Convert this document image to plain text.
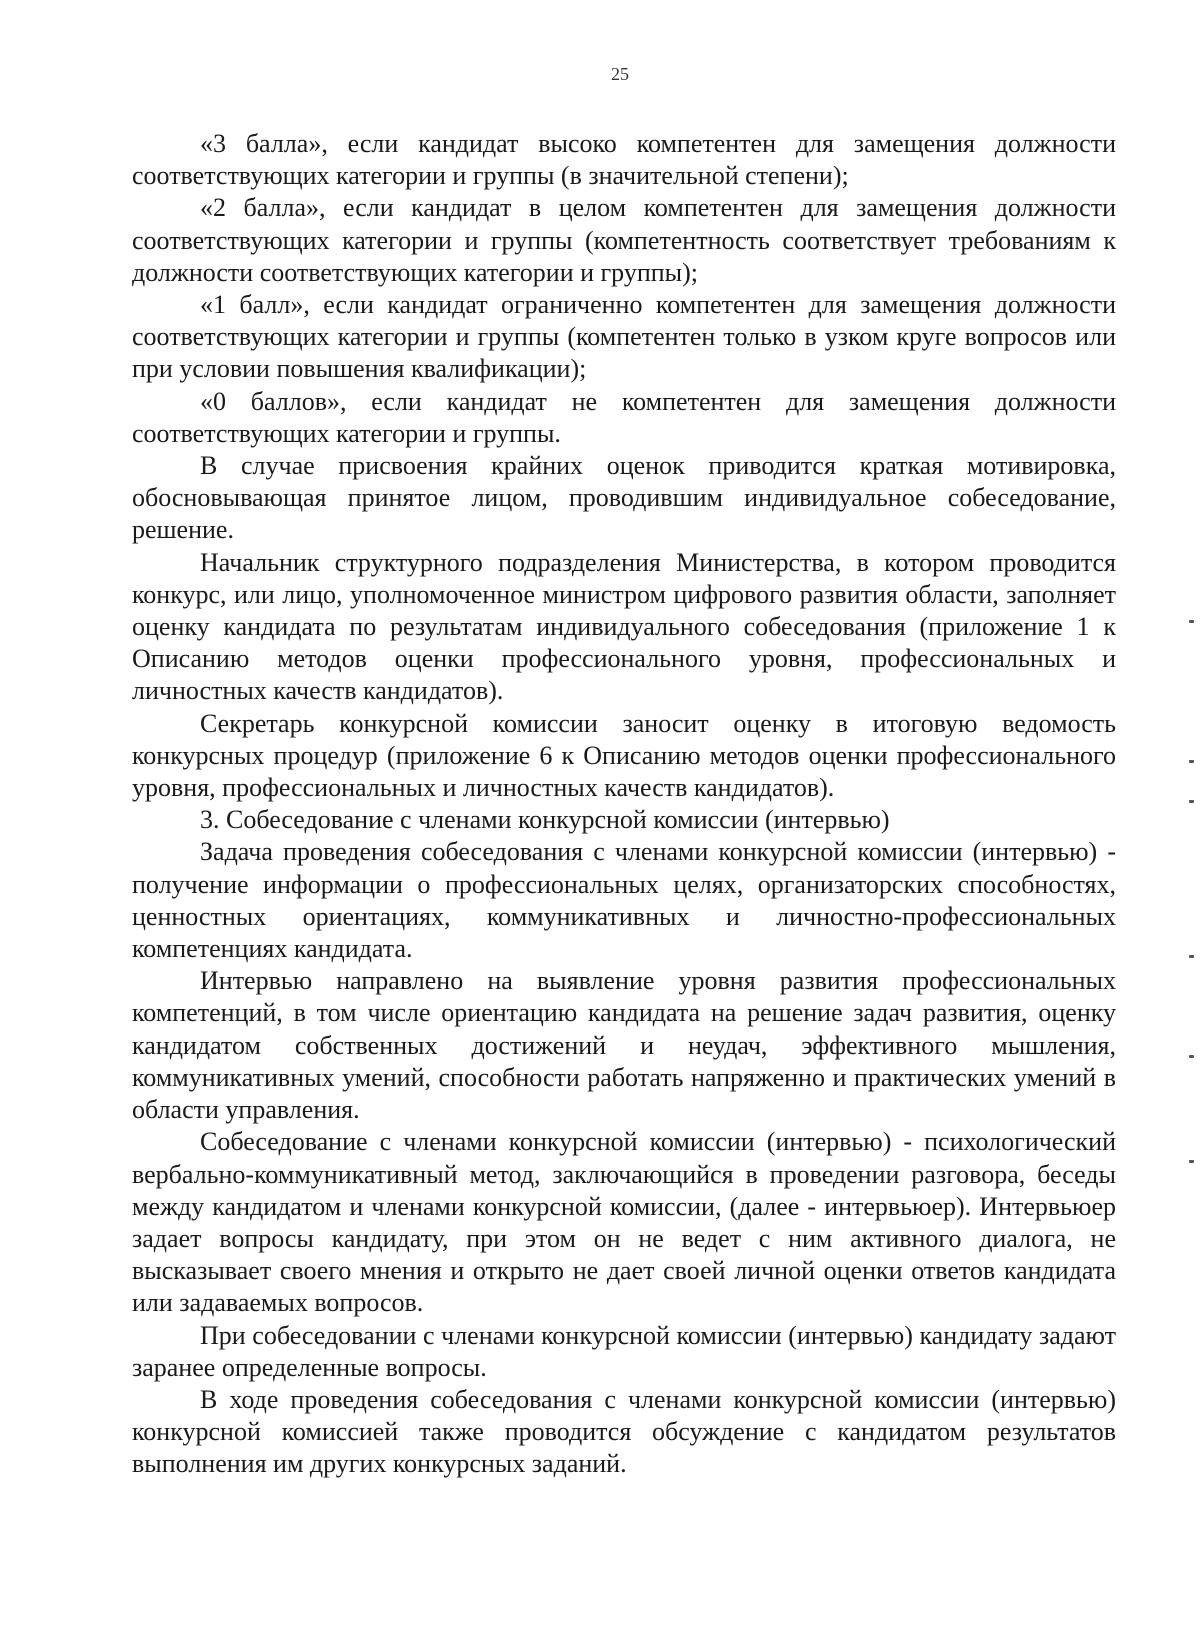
25

«3 балла», если кандидат высоко компетентен для замещения должности соответствующих категории и группы (в значительной степени);

«2 балла», если кандидат в целом компетентен для замещения должности соответствующих категории и группы (компетентность соответствует требованиям к должности соответствующих категории и группы);

«1 балл», если кандидат ограниченно компетентен для замещения должности соответствующих категории и группы (компетентен только в узком круге вопросов или при условии повышения квалификации);

«0 баллов», если кандидат не компетентен для замещения должности соответствующих категории и группы.

В случае присвоения крайних оценок приводится краткая мотивировка, обосновывающая принятое лицом, проводившим индивидуальное собеседование, решение.

Начальник структурного подразделения Министерства, в котором проводится конкурс, или лицо, уполномоченное министром цифрового развития области, заполняет оценку кандидата по результатам индивидуального собеседования (приложение 1 к Описанию методов оценки профессионального уровня, профессиональных и личностных качеств кандидатов).

Секретарь конкурсной комиссии заносит оценку в итоговую ведомость конкурсных процедур (приложение 6 к Описанию методов оценки профессионального уровня, профессиональных и личностных качеств кандидатов).

3. Собеседование с членами конкурсной комиссии (интервью)

Задача проведения собеседования с членами конкурсной комиссии (интервью) - получение информации о профессиональных целях, организаторских способностях, ценностных ориентациях, коммуникативных и личностно-профессиональных компетенциях кандидата.

Интервью направлено на выявление уровня развития профессиональных компетенций, в том числе ориентацию кандидата на решение задач развития, оценку кандидатом собственных достижений и неудач, эффективного мышления, коммуникативных умений, способности работать напряженно и практических умений в области управления.

Собеседование с членами конкурсной комиссии (интервью) - психологический вербально-коммуникативный метод, заключающийся в проведении разговора, беседы между кандидатом и членами конкурсной комиссии, (далее - интервьюер). Интервьюер задает вопросы кандидату, при этом он не ведет с ним активного диалога, не высказывает своего мнения и открыто не дает своей личной оценки ответов кандидата или задаваемых вопросов.

При собеседовании с членами конкурсной комиссии (интервью) кандидату задают заранее определенные вопросы.

В ходе проведения собеседования с членами конкурсной комиссии (интервью) конкурсной комиссией также проводится обсуждение с кандидатом результатов выполнения им других конкурсных заданий.
